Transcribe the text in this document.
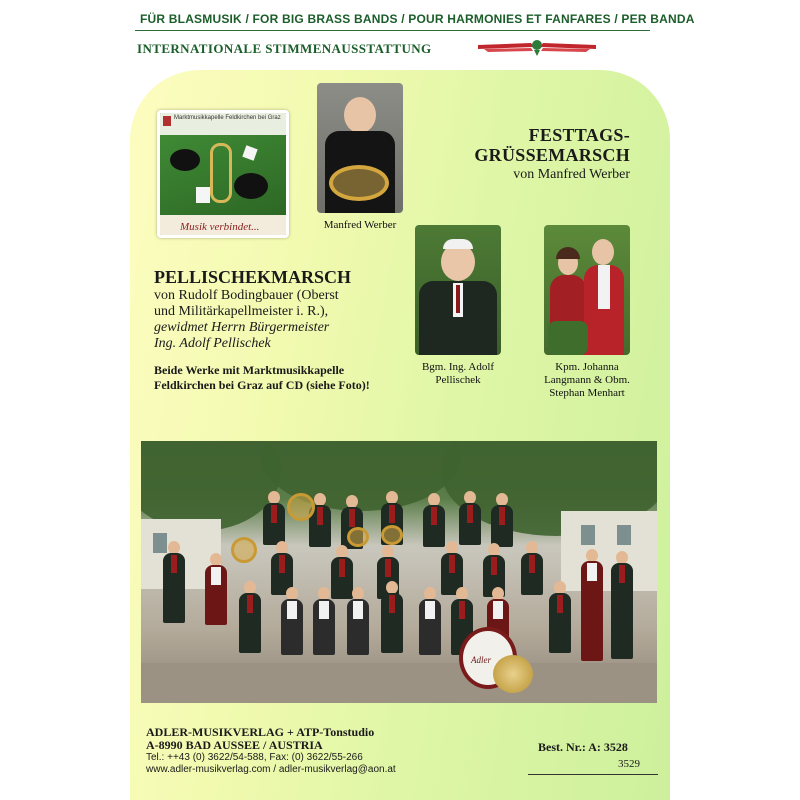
FÜR BLASMUSIK / FOR BIG BRASS BANDS / POUR HARMONIES ET FANFARES / PER BANDA
INTERNATIONALE STIMMENAUSSTATTUNG
Marktmusikkapelle Feldkirchen bei Graz
Musik verbindet...	Manfred Werber
FESTTAGS-
GRÜSSEMARSCH
von Manfred Werber
Bgm. Ing. Adolf
Pellischek
Kpm. Johanna
Langmann & Obm.
Stephan Menhart
PELLISCHEKMARSCH
von Rudolf Bodingbauer (Oberst
und Militärkapellmeister i. R.),
gewidmet Herrn Bürgermeister
Ing. Adolf Pellischek
Beide Werke mit Marktmusikkapelle
Feldkirchen bei Graz auf CD (siehe Foto)!
Adler
ADLER-MUSIKVERLAG + ATP-Tonstudio
A-8990 BAD AUSSEE / AUSTRIA
Tel.: ++43 (0) 3622/54-588, Fax: (0) 3622/55-266
www.adler-musikverlag.com / adler-musikverlag@aon.at
Best. Nr.: A: 3528
3529
